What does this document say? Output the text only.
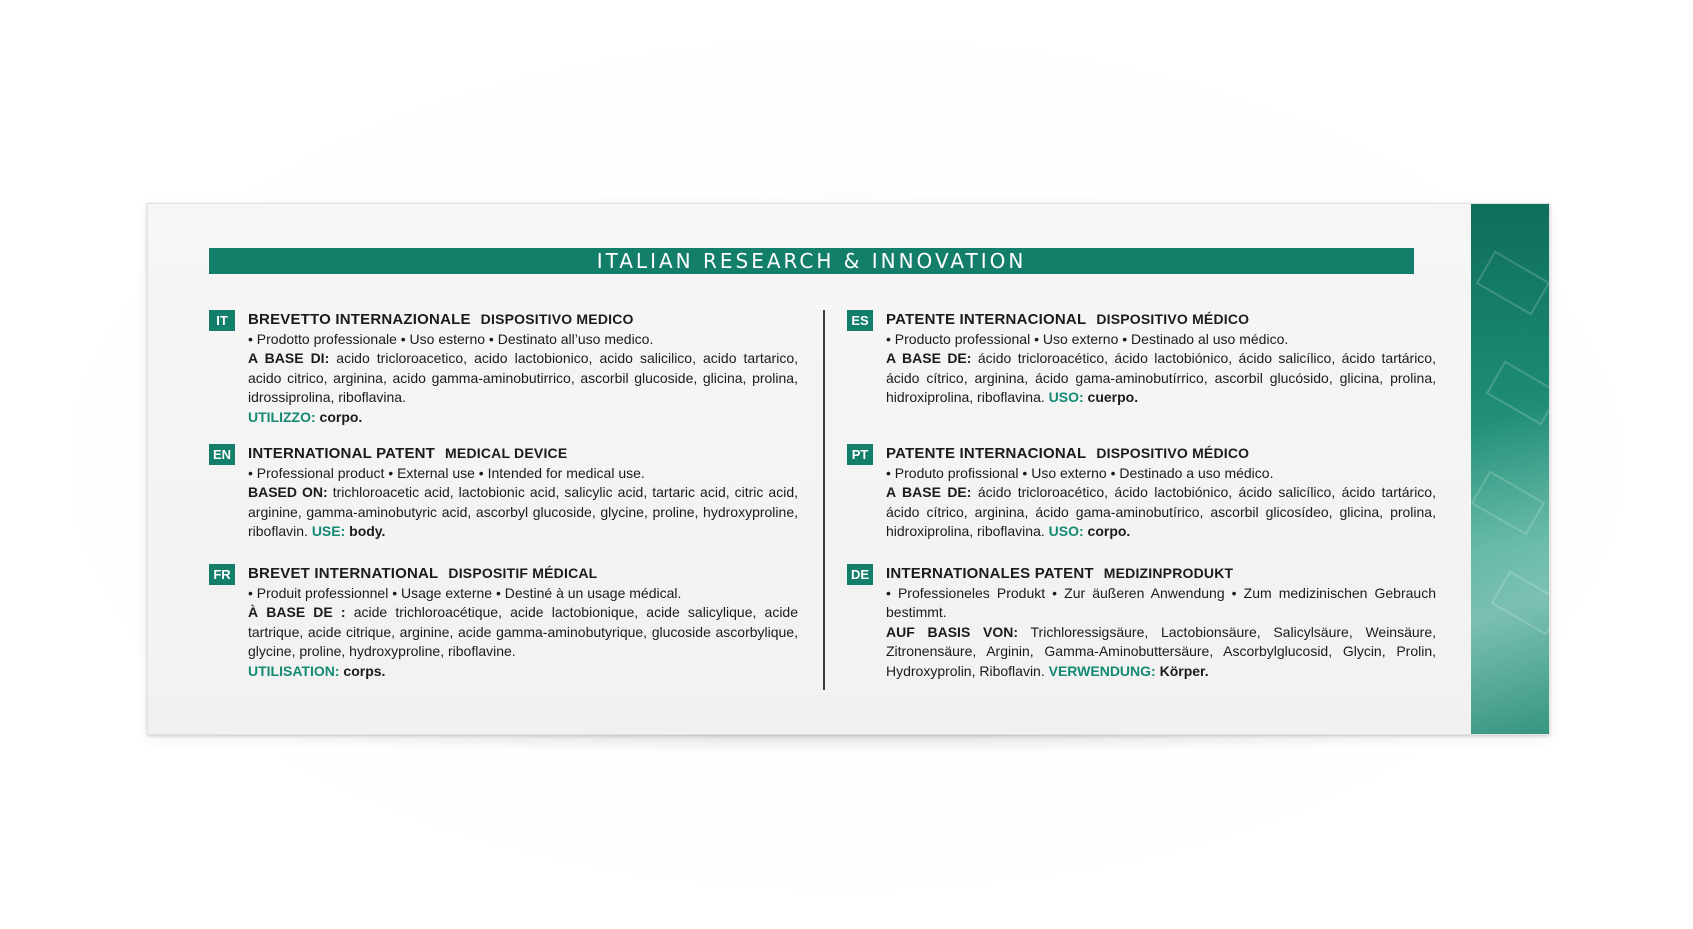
ITALIAN RESEARCH & INNOVATION
IT	BREVETTO INTERNAZIONALE DISPOSITIVO MEDICO
• Prodotto professionale • Uso esterno • Destinato all’uso medico.
A BASE DI: acido tricloroacetico, acido lactobionico, acido salicilico, acido tartarico, acido citrico, arginina, acido gamma-aminobutirrico, ascorbil glucoside, glicina, prolina, idrossiprolina, riboflavina.
UTILIZZO: corpo.
EN INTERNATIONAL PATENT MEDICAL DEVICE
• Professional product • External use • Intended for medical use.
BASED ON: trichloroacetic acid, lactobionic acid, salicylic acid, tartaric acid, citric acid, arginine, gamma-aminobutyric acid, ascorbyl glucoside, glycine, proline, hydroxyproline, riboflavin. USE: body.
FR BREVET INTERNATIONAL DISPOSITIF MÉDICAL
• Produit professionnel • Usage externe • Destiné à un usage médical.
À BASE DE : acide trichloroacétique, acide lactobionique, acide salicylique, acide tartrique, acide citrique, arginine, acide gamma-aminobutyrique, glucoside ascorbylique, glycine, proline, hydroxyproline, riboflavine.
UTILISATION: corps.
ES PATENTE INTERNACIONAL DISPOSITIVO MÉDICO
• Producto professional • Uso externo • Destinado al uso médico.
A BASE DE: ácido tricloroacético, ácido lactobiónico, ácido salicílico, ácido tartárico, ácido cítrico, arginina, ácido gama-aminobutírrico, ascorbil glucósido, glicina, prolina, hidroxiprolina, riboflavina. USO: cuerpo.
PT	PATENTE INTERNACIONAL DISPOSITIVO MÉDICO
• Produto profissional • Uso externo • Destinado a uso médico.
A BASE DE: ácido tricloroacético, ácido lactobiónico, ácido salicílico, ácido tartárico, ácido cítrico, arginina, ácido gama-aminobutírico, ascorbil glicosídeo, glicina, prolina, hidroxiprolina, riboflavina. USO: corpo.
DE INTERNATIONALES PATENT MEDIZINPRODUKT
• Professioneles Produkt • Zur äußeren Anwendung • Zum medizinischen Gebrauch bestimmt.
AUF BASIS VON: Trichloressigsäure, Lactobionsäure, Salicylsäure, Weinsäure, Zitronensäure, Arginin, Gamma-Aminobuttersäure, Ascorbylglucosid, Glycin, Prolin, Hydroxyprolin, Riboflavin. VERWENDUNG: Körper.
